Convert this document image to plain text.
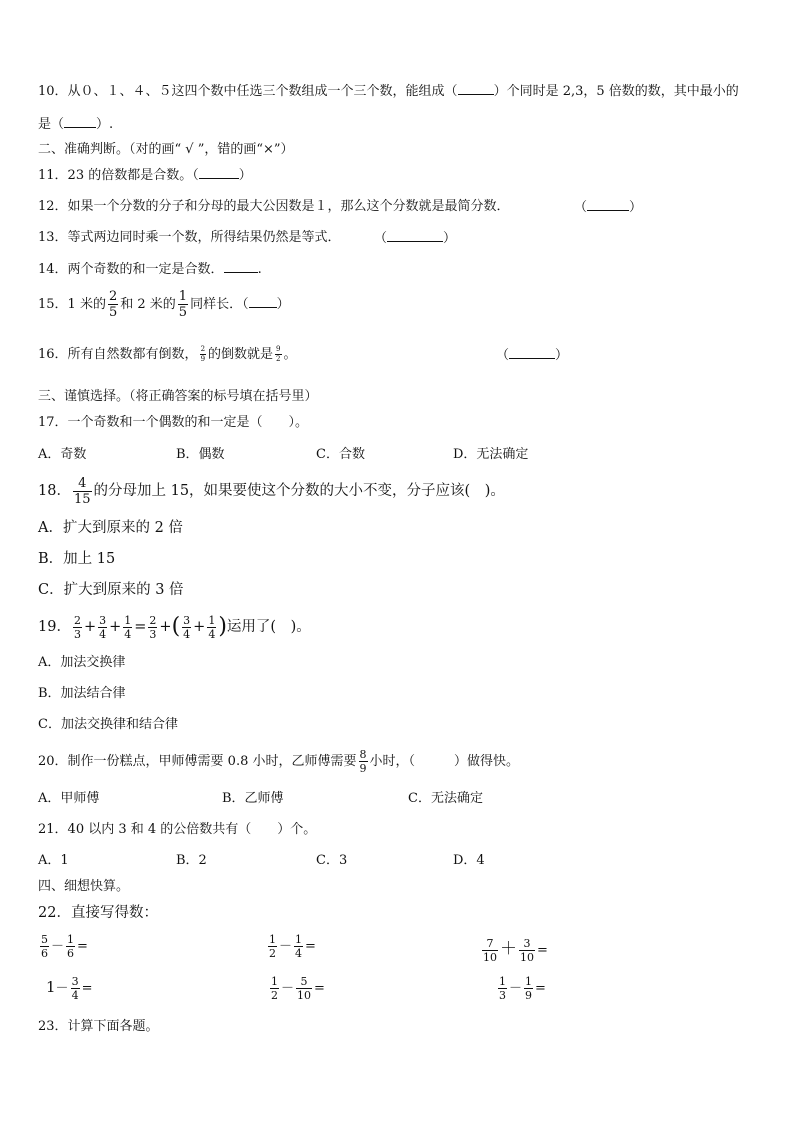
10．从０、１、４、５这四个数中任选三个数组成一个三个数，能组成（	）个同时是 2,3，5 倍数的数，其中最小的
是（ ）.
二、准确判断。（对的画“ √ ”，错的画“×”）
11．23 的倍数都是合数。（	）
12．如果一个分数的分子和分母的最大公因数是１，那么这个分数就是最简分数．	（	）
13．等式两边同时乘一个数，所得结果仍然是等式．	（	）
14．两个奇数的和一定是合数．	.
15．1 米的 $\frac{2}{5}$ 和 2 米的 $\frac{1}{5}$ 同样长．（ ）
16．所有自然数都有倒数， $\frac{2}{9}$ 的倒数就是 $\frac{9}{2}$ 。	（	）
三、谨慎选择。（将正确答案的标号填在括号里）
17．一个奇数和一个偶数的和一定是（　　）。
A．奇数	B．偶数	C．合数	D．无法确定
18． $\frac{4}{15}$ 的分母加上 15，如果要使这个分数的大小不变，分子应该(　)。
A．扩大到原来的 2 倍
B．加上 15
C．扩大到原来的 3 倍
19． $\frac{2}{3} + \frac{3}{4} + \frac{1}{4} = \frac{2}{3}$ +( $\frac{3}{4} + \frac{1}{4}$ )运用了(　)。
A．加法交换律
B．加法结合律
C．加法交换律和结合律
20．制作一份糕点，甲师傅需要 0.8 小时，乙师傅需要 $\frac{8}{9}$ 小时，（　　　）做得快。
A．甲师傅	B．乙师傅	C．无法确定
21．40 以内 3 和 4 的公倍数共有（　　）个。
A．1	B．2	C．3	D．4
四、细想快算。
22．直接写得数：
$\frac{5}{6} - \frac{1}{6}$ =	$\frac{1}{2} - \frac{1}{4}$ =	$\frac{7}{10} + \frac{3}{10}$ =
$1- \frac{3}{4}$ =	$\frac{1}{2} - \frac{5}{10}$ =	$\frac{1}{3} - \frac{1}{9}$ =
23．计算下面各题。
